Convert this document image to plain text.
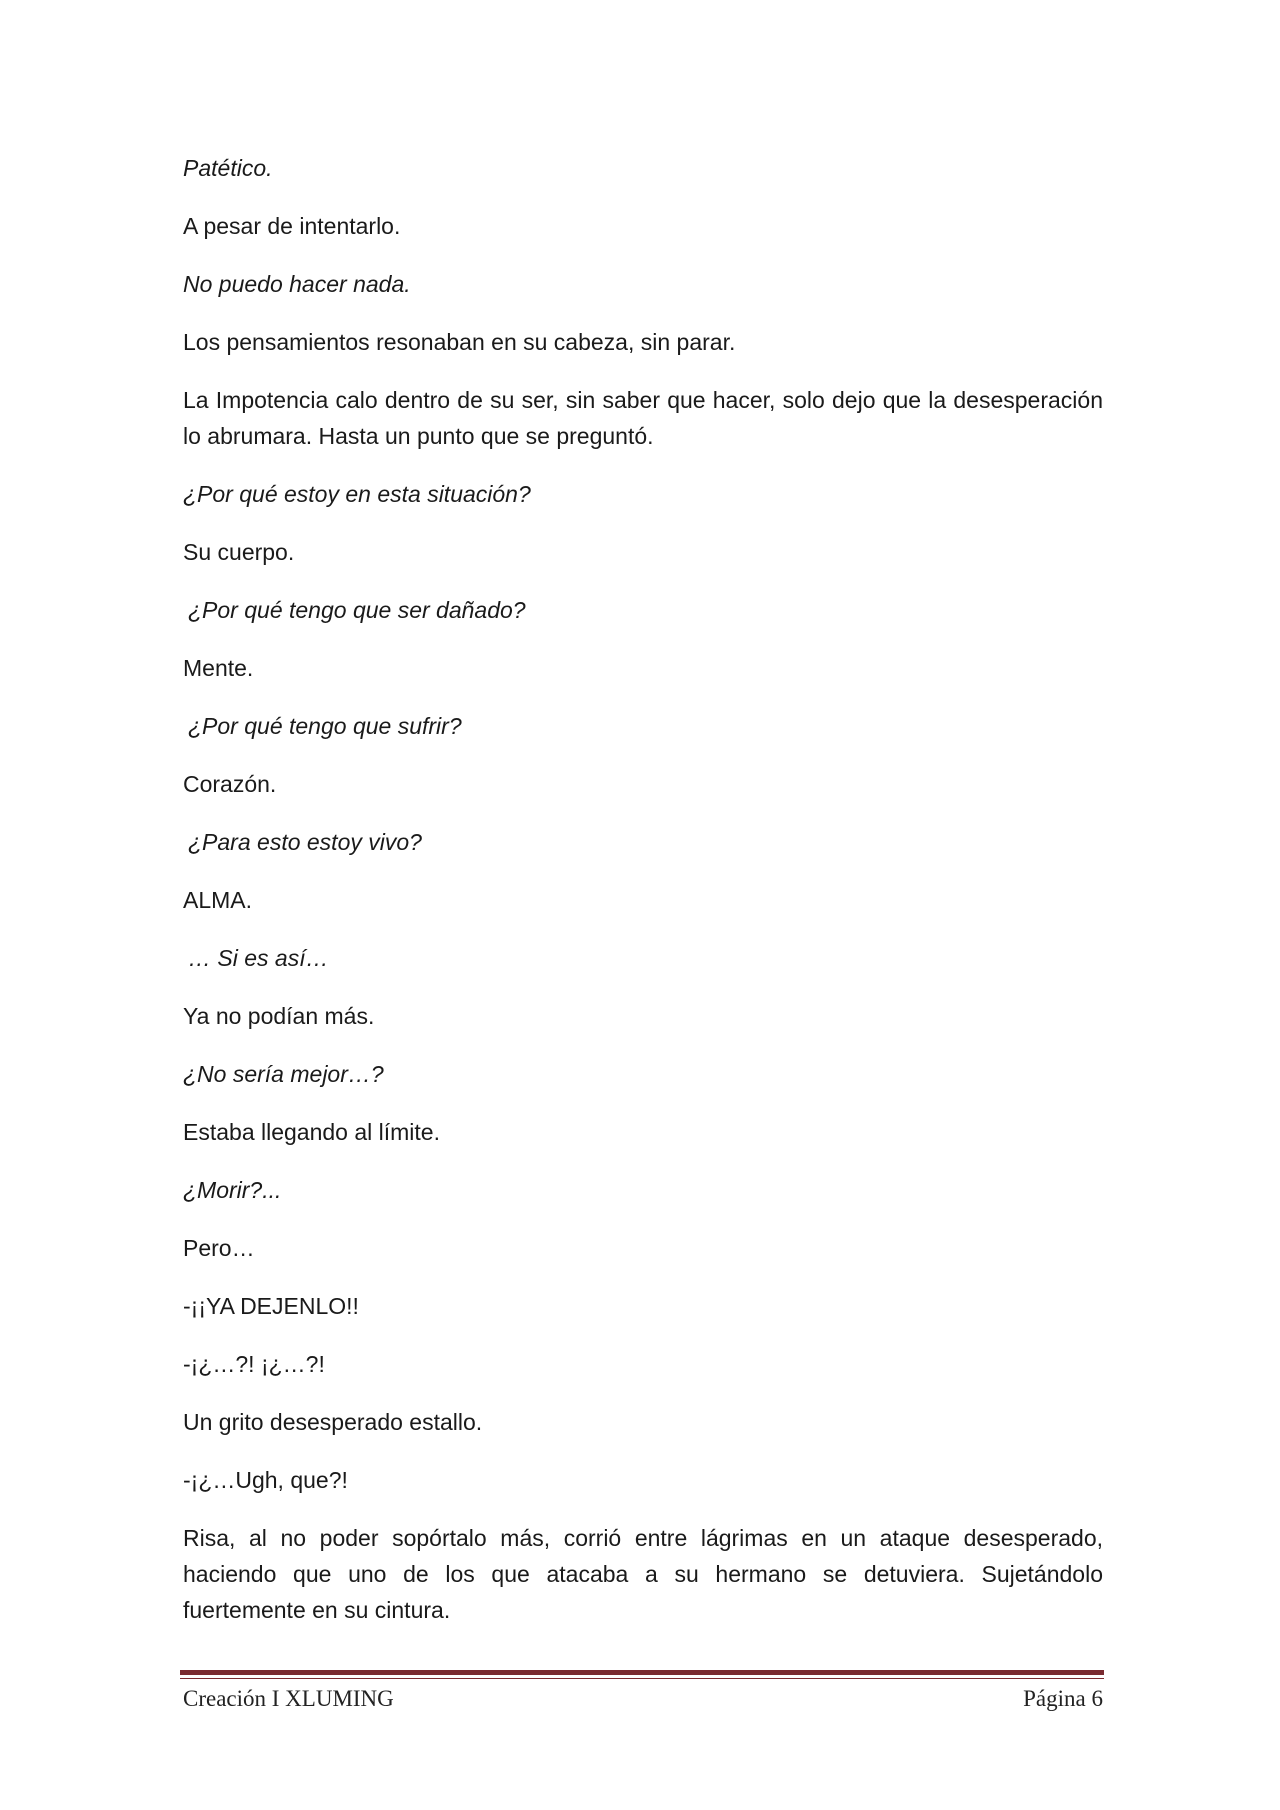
Patético.

A pesar de intentarlo.

No puedo hacer nada.

Los pensamientos resonaban en su cabeza, sin parar.

La Impotencia calo dentro de su ser, sin saber que hacer, solo dejo que la desesperación lo abrumara. Hasta un punto que se preguntó.

¿Por qué estoy en esta situación?

Su cuerpo.

¿Por qué tengo que ser dañado?

Mente.

¿Por qué tengo que sufrir?

Corazón.

¿Para esto estoy vivo?

ALMA.

… Si es así…

Ya no podían más.

¿No sería mejor…?

Estaba llegando al límite.

¿Morir?...

Pero…

-¡¡YA DEJENLO!!

-¡¿…?! ¡¿…?!

Un grito desesperado estallo.

-¡¿…Ugh, que?!

Risa, al no poder sopórtalo más, corrió entre lágrimas en un ataque desesperado, haciendo que uno de los que atacaba a su hermano se detuviera. Sujetándolo fuertemente en su cintura.

Creación I XLUMING	Página 6
